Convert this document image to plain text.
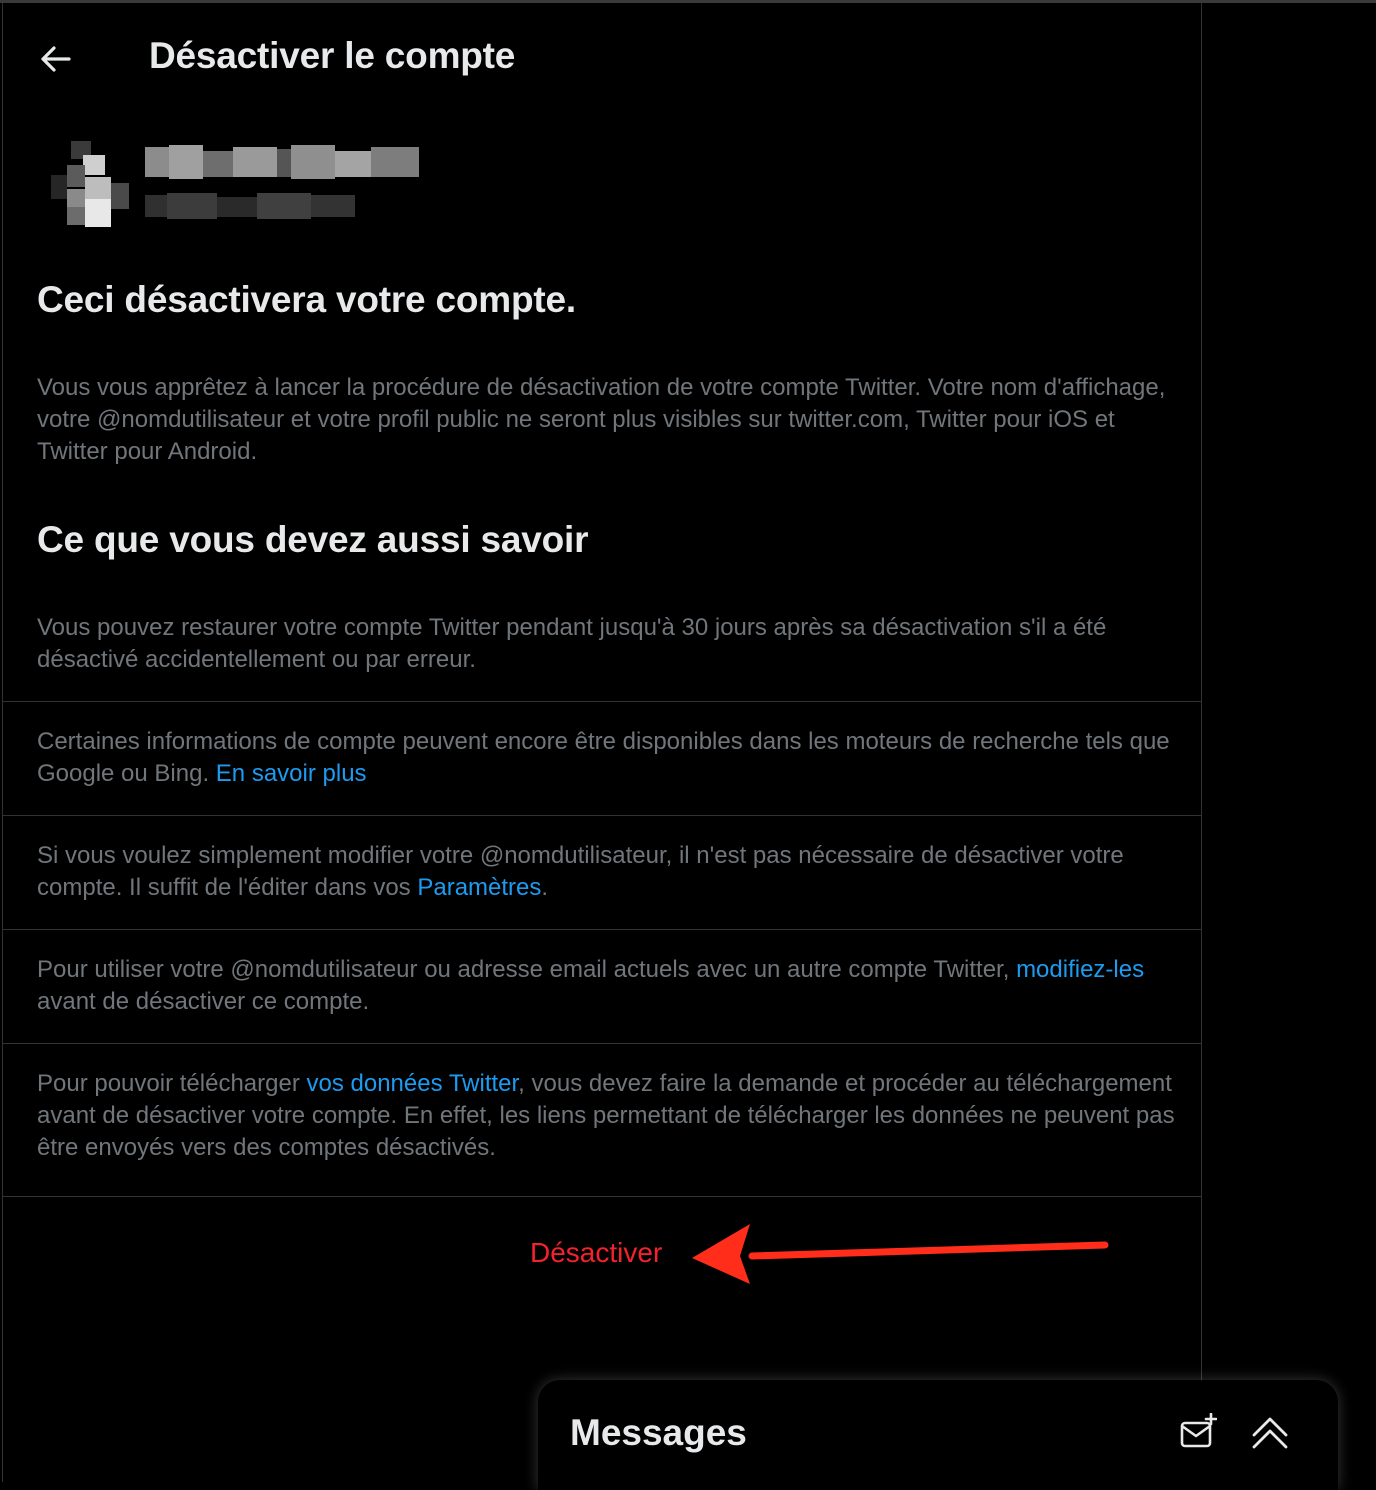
Désactiver le compte
Ceci désactivera votre compte.
Vous vous apprêtez à lancer la procédure de désactivation de votre compte Twitter. Votre nom d'affichage, votre @nomdutilisateur et votre profil public ne seront plus visibles sur twitter.com, Twitter pour iOS et Twitter pour Android.
Ce que vous devez aussi savoir
Vous pouvez restaurer votre compte Twitter pendant jusqu'à 30 jours après sa désactivation s'il a été désactivé accidentellement ou par erreur.
Certaines informations de compte peuvent encore être disponibles dans les moteurs de recherche tels que Google ou Bing. En savoir plus
Si vous voulez simplement modifier votre @nomdutilisateur, il n'est pas nécessaire de désactiver votre compte. Il suffit de l'éditer dans vos Paramètres.
Pour utiliser votre @nomdutilisateur ou adresse email actuels avec un autre compte Twitter, modifiez-les avant de désactiver ce compte.
Pour pouvoir télécharger vos données Twitter, vous devez faire la demande et procéder au téléchargement avant de désactiver votre compte. En effet, les liens permettant de télécharger les données ne peuvent pas être envoyés vers des comptes désactivés.
Désactiver
Messages
